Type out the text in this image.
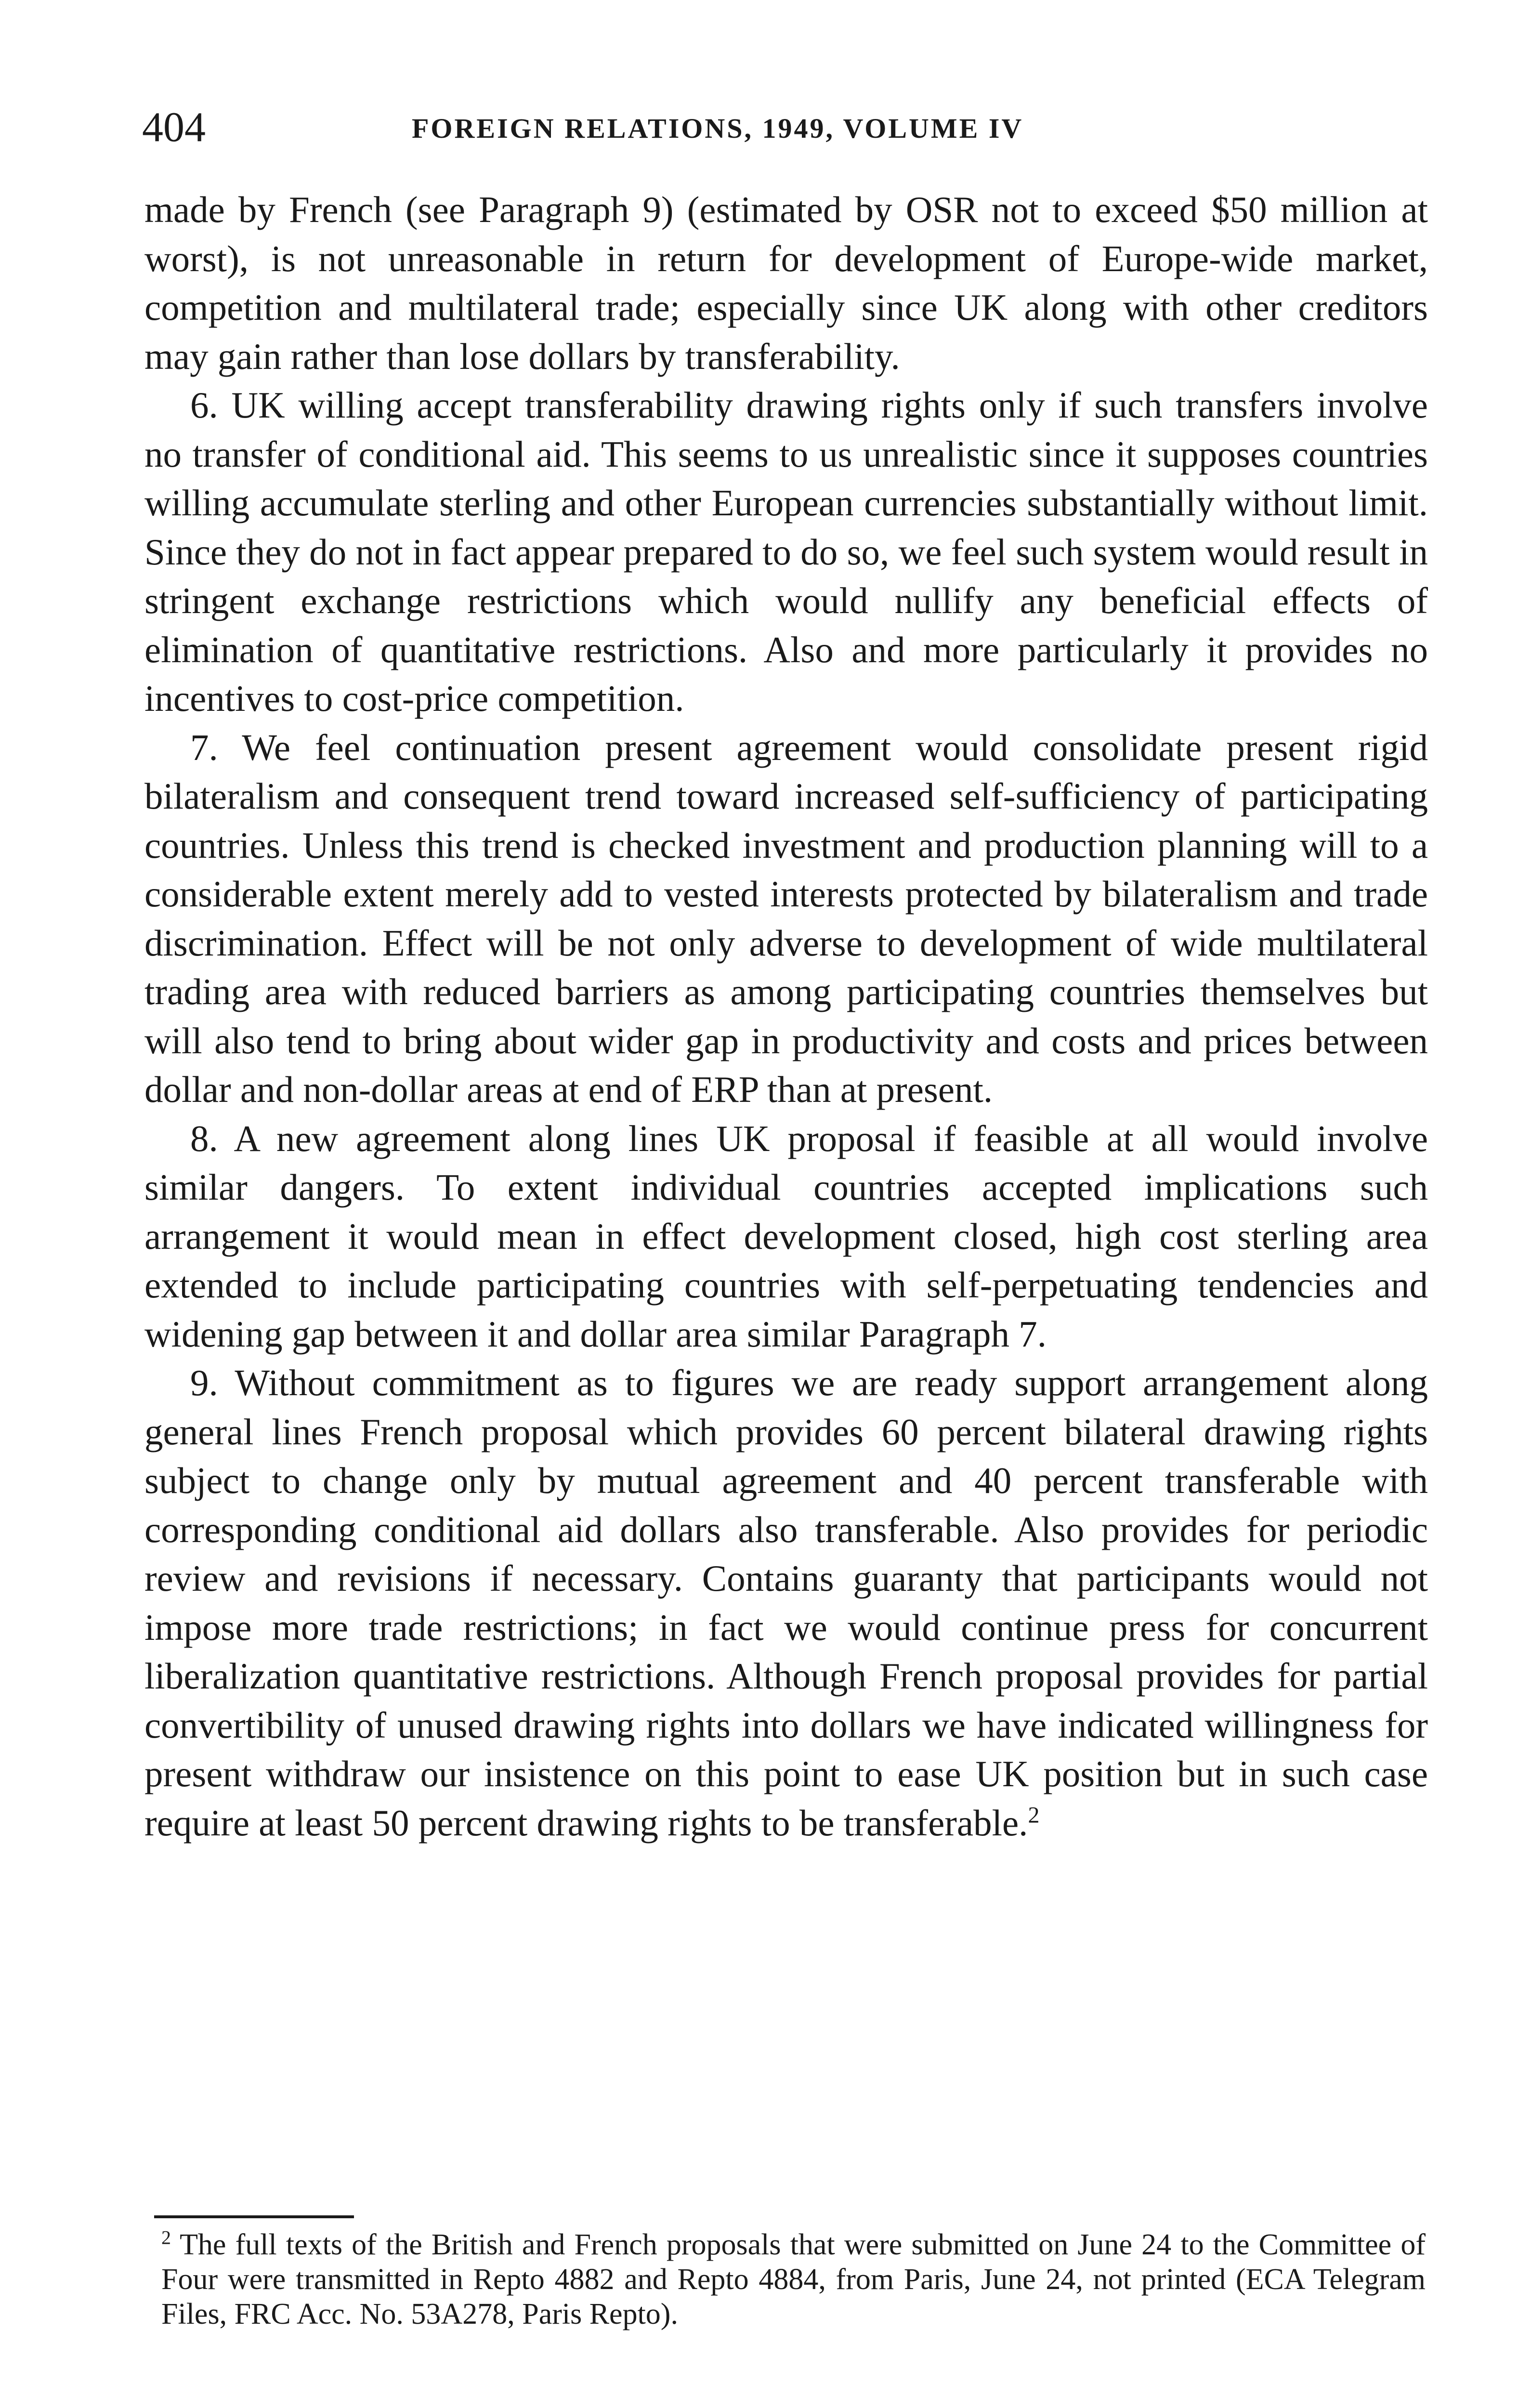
404	FOREIGN RELATIONS, 1949, VOLUME IV

made by French (see Paragraph 9) (estimated by OSR not to exceed $50 million at worst), is not unreasonable in return for development of Europe-wide market, competition and multilateral trade; especially since UK along with other creditors may gain rather than lose dollars by transferability.

6. UK willing accept transferability drawing rights only if such transfers involve no transfer of conditional aid. This seems to us unrealistic since it supposes countries willing accumulate sterling and other European currencies substantially without limit. Since they do not in fact appear prepared to do so, we feel such system would result in stringent exchange restrictions which would nullify any beneficial effects of elimination of quantitative restrictions. Also and more particularly it provides no incentives to cost-price competition.

7. We feel continuation present agreement would consolidate present rigid bilateralism and consequent trend toward increased self-sufficiency of participating countries. Unless this trend is checked investment and production planning will to a considerable extent merely add to vested interests protected by bilateralism and trade discrimination. Effect will be not only adverse to development of wide multilateral trading area with reduced barriers as among participating countries themselves but will also tend to bring about wider gap in productivity and costs and prices between dollar and non-dollar areas at end of ERP than at present.

8. A new agreement along lines UK proposal if feasible at all would involve similar dangers. To extent individual countries accepted implications such arrangement it would mean in effect development closed, high cost sterling area extended to include participating countries with self-perpetuating tendencies and widening gap between it and dollar area similar Paragraph 7.

9. Without commitment as to figures we are ready support arrangement along general lines French proposal which provides 60 percent bilateral drawing rights subject to change only by mutual agreement and 40 percent transferable with corresponding conditional aid dollars also transferable. Also provides for periodic review and revisions if necessary. Contains guaranty that participants would not impose more trade restrictions; in fact we would continue press for concurrent liberalization quantitative restrictions. Although French proposal provides for partial convertibility of unused drawing rights into dollars we have indicated willingness for present withdraw our insistence on this point to ease UK position but in such case require at least 50 percent drawing rights to be transferable.$^2$

$^2$ The full texts of the British and French proposals that were submitted on June 24 to the Committee of Four were transmitted in Repto 4882 and Repto 4884, from Paris, June 24, not printed (ECA Telegram Files, FRC Acc. No. 53A278, Paris Repto).
